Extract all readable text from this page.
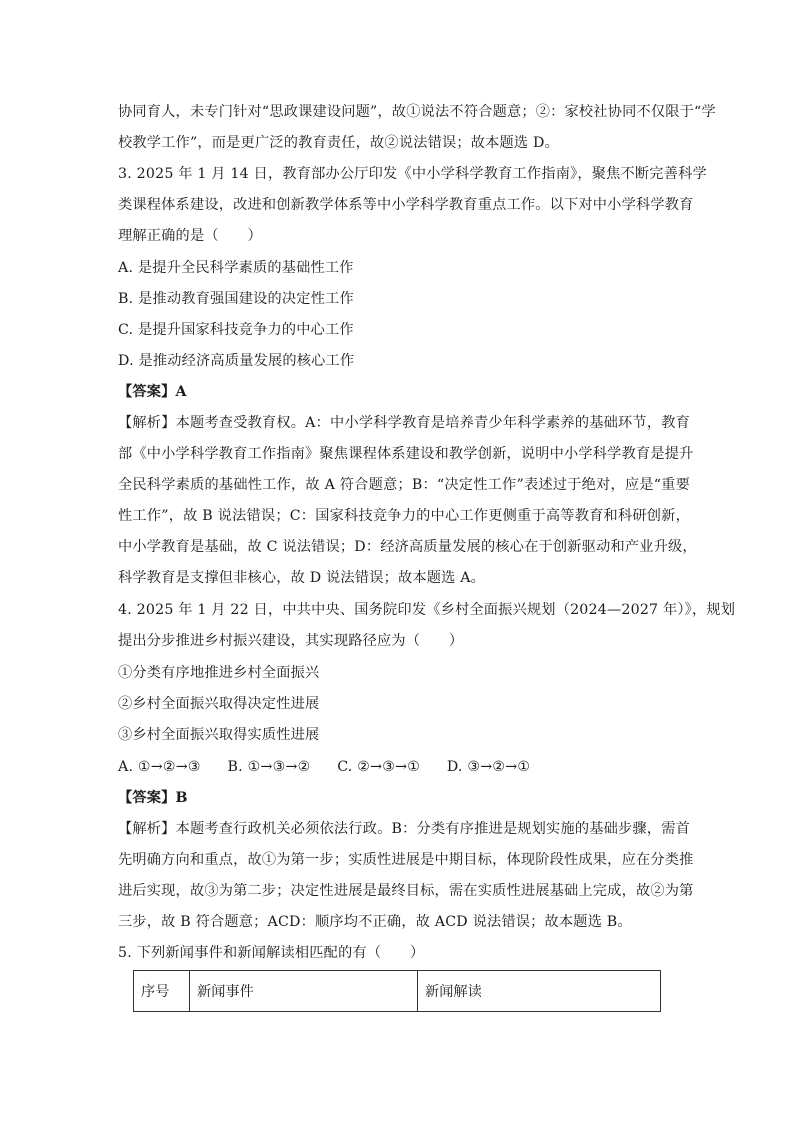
协同育人，未专门针对“思政课建设问题”，故①说法不符合题意；②：家校社协同不仅限于“学
校教学工作”，而是更广泛的教育责任，故②说法错误；故本题选 D。
3. 2025 年 1 月 14 日，教育部办公厅印发《中小学科学教育工作指南》，聚焦不断完善科学
类课程体系建设，改进和创新教学体系等中小学科学教育重点工作。以下对中小学科学教育
理解正确的是（　　）
A. 是提升全民科学素质的基础性工作
B. 是推动教育强国建设的决定性工作
C. 是提升国家科技竞争力的中心工作
D. 是推动经济高质量发展的核心工作
【答案】A
【解析】本题考查受教育权。A：中小学科学教育是培养青少年科学素养的基础环节，教育
部《中小学科学教育工作指南》聚焦课程体系建设和教学创新，说明中小学科学教育是提升
全民科学素质的基础性工作，故 A 符合题意；B：“决定性工作”表述过于绝对，应是“重要
性工作”，故 B 说法错误；C：国家科技竞争力的中心工作更侧重于高等教育和科研创新，
中小学教育是基础，故 C 说法错误；D：经济高质量发展的核心在于创新驱动和产业升级，
科学教育是支撑但非核心，故 D 说法错误；故本题选 A。
4. 2025 年 1 月 22 日，中共中央、国务院印发《乡村全面振兴规划（2024—2027 年）》，规划
提出分步推进乡村振兴建设，其实现路径应为（　　）
①分类有序地推进乡村全面振兴
②乡村全面振兴取得决定性进展
③乡村全面振兴取得实质性进展
A. ①→②→③ B. ①→③→② C. ②→③→① D. ③→②→①
【答案】B
【解析】本题考查行政机关必须依法行政。B：分类有序推进是规划实施的基础步骤，需首
先明确方向和重点，故①为第一步；实质性进展是中期目标，体现阶段性成果，应在分类推
进后实现，故③为第二步；决定性进展是最终目标，需在实质性进展基础上完成，故②为第
三步，故 B 符合题意；ACD：顺序均不正确，故 ACD 说法错误；故本题选 B。
5. 下列新闻事件和新闻解读相匹配的有（　　）
序号	新闻事件	新闻解读
